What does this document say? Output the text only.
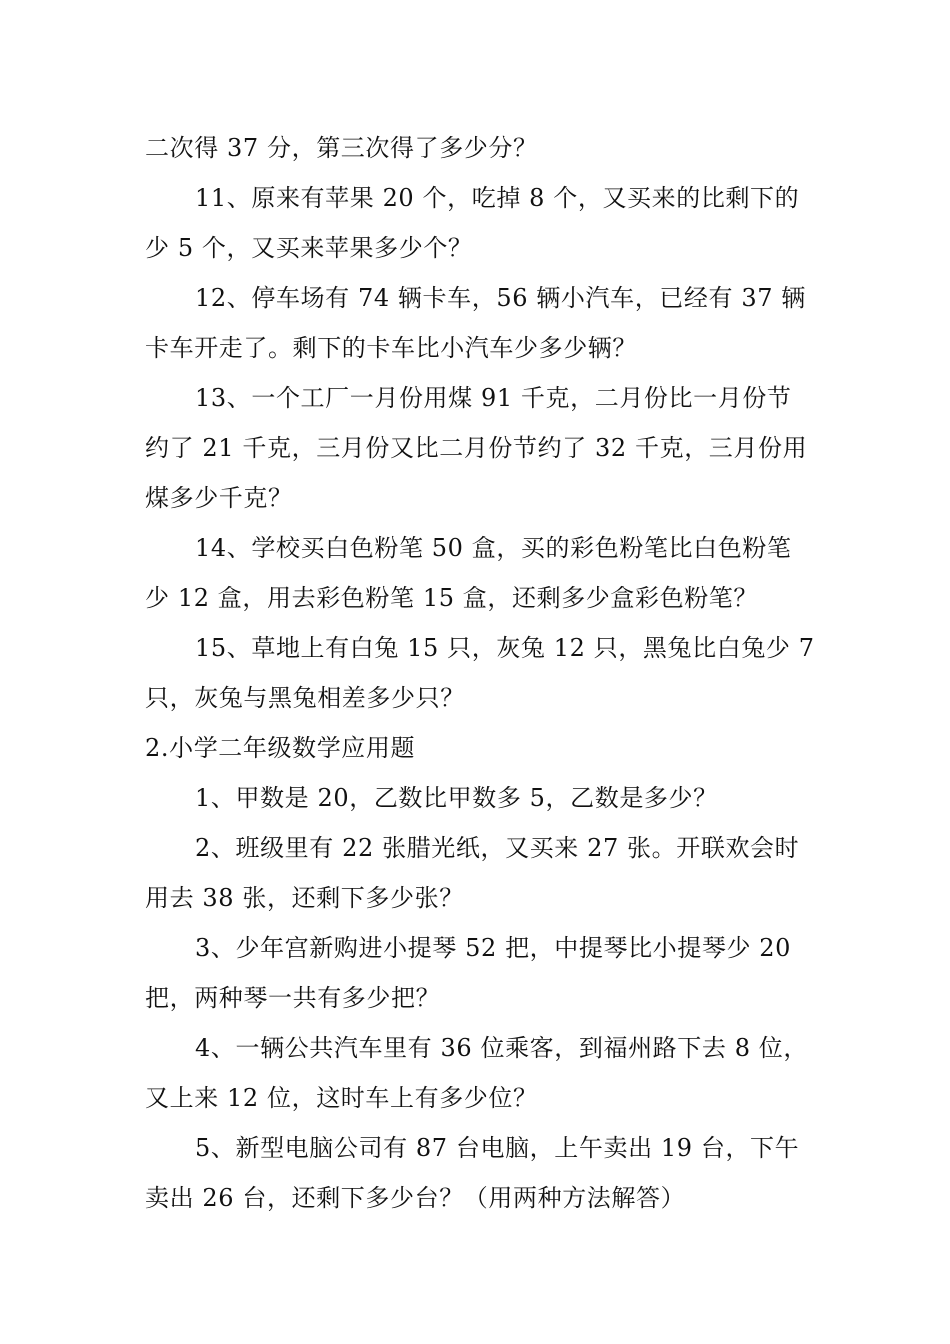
二次得 37 分，第三次得了多少分？
11、原来有苹果 20 个，吃掉 8 个，又买来的比剩下的
少 5 个，又买来苹果多少个？
12、停车场有 74 辆卡车，56 辆小汽车，已经有 37 辆
卡车开走了。剩下的卡车比小汽车少多少辆？
13、一个工厂一月份用煤 91 千克，二月份比一月份节
约了 21 千克，三月份又比二月份节约了 32 千克，三月份用
煤多少千克？
14、学校买白色粉笔 50 盒，买的彩色粉笔比白色粉笔
少 12 盒，用去彩色粉笔 15 盒，还剩多少盒彩色粉笔？
15、草地上有白兔 15 只，灰兔 12 只，黑兔比白兔少 7
只，灰兔与黑兔相差多少只？
2.小学二年级数学应用题
1、甲数是 20，乙数比甲数多 5，乙数是多少？
2、班级里有 22 张腊光纸，又买来 27 张。开联欢会时
用去 38 张，还剩下多少张？
3、少年宫新购进小提琴 52 把，中提琴比小提琴少 20
把，两种琴一共有多少把？
4、一辆公共汽车里有 36 位乘客，到福州路下去 8 位，
又上来 12 位，这时车上有多少位？
5、新型电脑公司有 87 台电脑，上午卖出 19 台，下午
卖出 26 台，还剩下多少台？（用两种方法解答）
